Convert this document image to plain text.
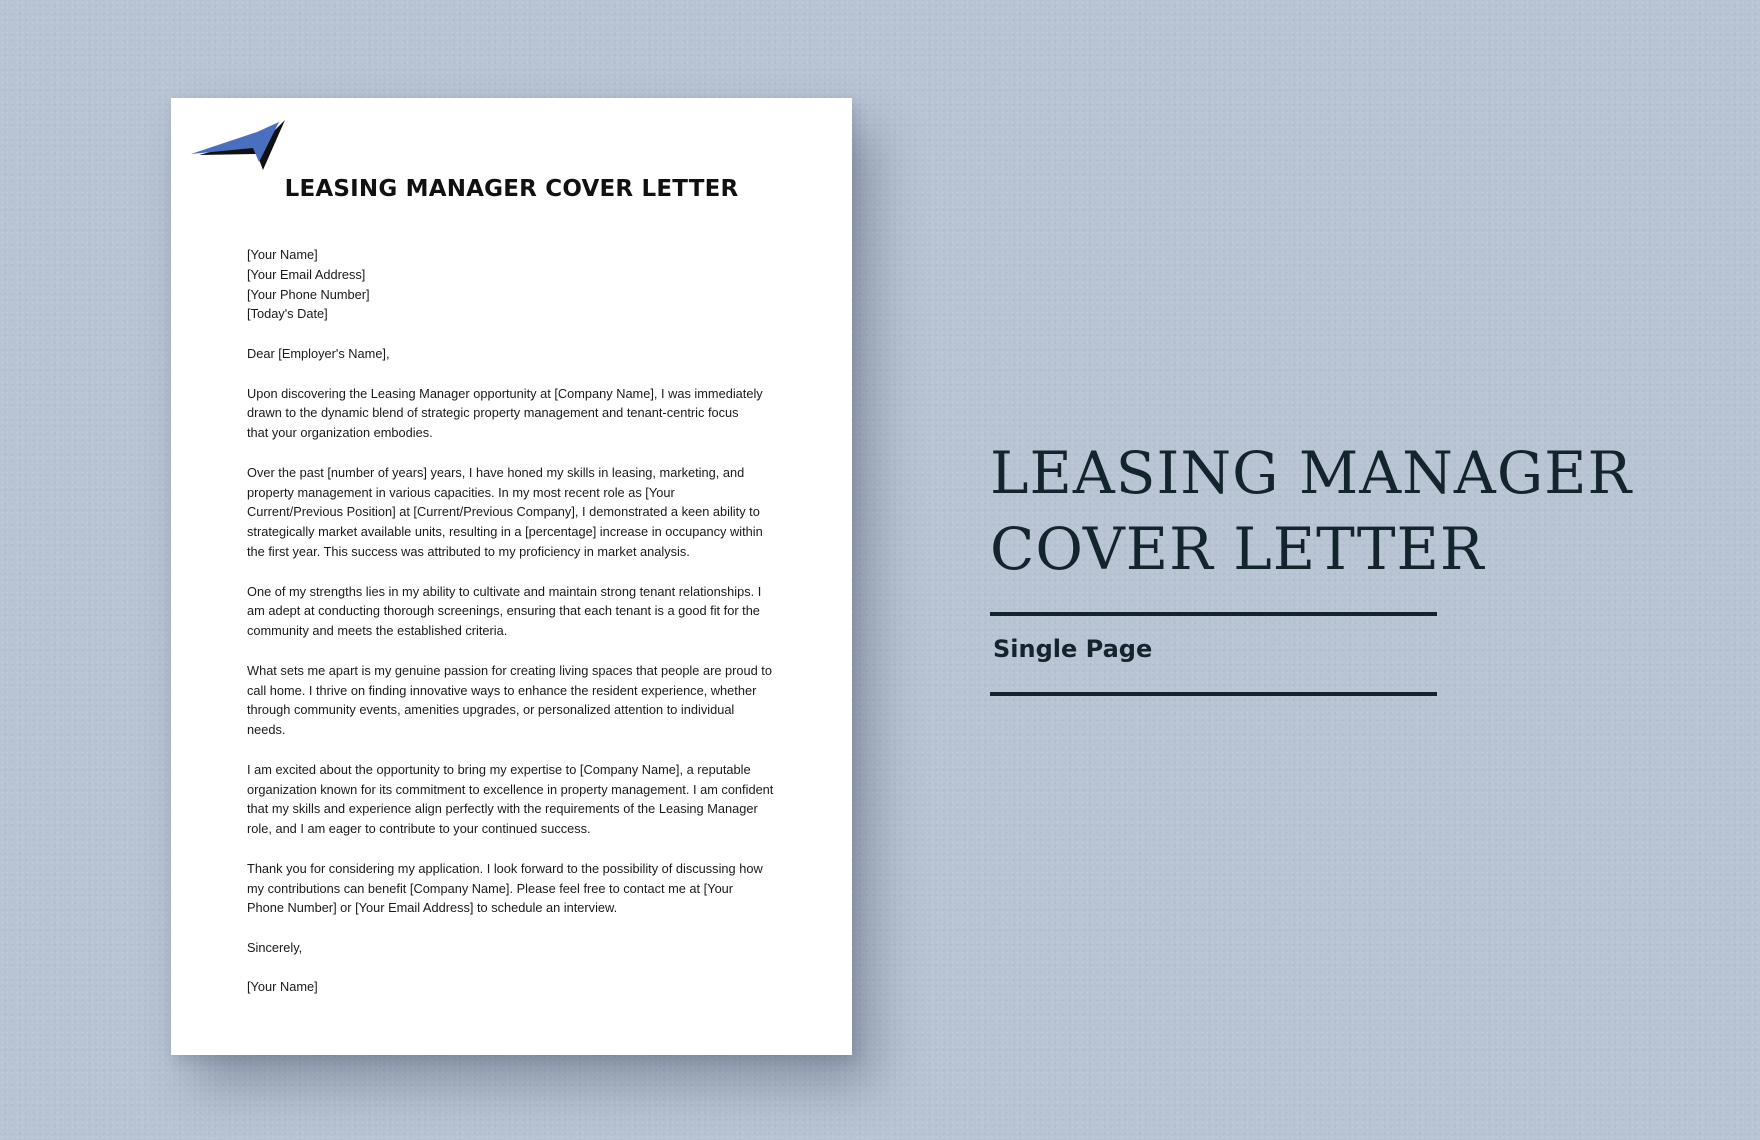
LEASING MANAGER COVER LETTER

[Your Name]
[Your Email Address]
[Your Phone Number]
[Today's Date]

Dear [Employer's Name],

Upon discovering the Leasing Manager opportunity at [Company Name], I was immediately
drawn to the dynamic blend of strategic property management and tenant-centric focus
that your organization embodies.

Over the past [number of years] years, I have honed my skills in leasing, marketing, and
property management in various capacities. In my most recent role as [Your
Current/Previous Position] at [Current/Previous Company], I demonstrated a keen ability to
strategically market available units, resulting in a [percentage] increase in occupancy within
the first year. This success was attributed to my proficiency in market analysis.

One of my strengths lies in my ability to cultivate and maintain strong tenant relationships. I
am adept at conducting thorough screenings, ensuring that each tenant is a good fit for the
community and meets the established criteria.

What sets me apart is my genuine passion for creating living spaces that people are proud to
call home. I thrive on finding innovative ways to enhance the resident experience, whether
through community events, amenities upgrades, or personalized attention to individual
needs.

I am excited about the opportunity to bring my expertise to [Company Name], a reputable
organization known for its commitment to excellence in property management. I am confident
that my skills and experience align perfectly with the requirements of the Leasing Manager
role, and I am eager to contribute to your continued success.

Thank you for considering my application. I look forward to the possibility of discussing how
my contributions can benefit [Company Name]. Please feel free to contact me at [Your
Phone Number] or [Your Email Address] to schedule an interview.

Sincerely,

[Your Name]

LEASING MANAGER
COVER LETTER
Single Page
